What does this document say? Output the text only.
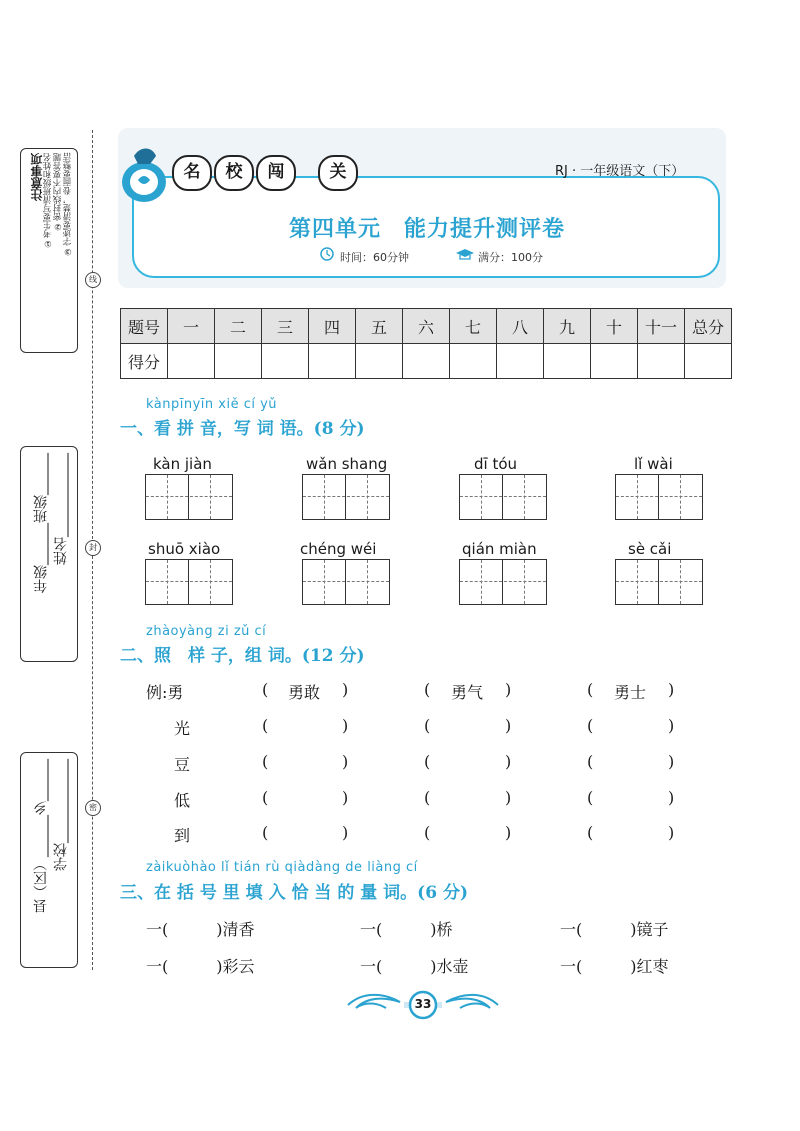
注意事项 ①考生要写清班级和姓名 ②密封线内不要答题 ③字迹要清楚，卷面要整洁
年级______班级______ 姓名____________
县（区）______乡______ 学校____________
线
封
密
名	校	闯	关	RJ · 一年级语文（下）
第四单元　能力提升测评卷
时间：60分钟	满分：100分
题号	一	二	三	四	五	六	七	八	九	十	十一	总分
得分												
kànpīnyīn xiě cí yǔ
一、看 拼 音，写 词 语。(8 分)
kàn jiàn	wǎn shang	dī tóu	lǐ wài
shuō xiào	chéng wéi	qián miàn	sè cǎi
zhàoyàng zi zǔ cí
二、照　样 子，组 词。(12 分)
例:勇	( 勇敢 )	( 勇气 )	( 勇士 )
光	(	)	(	)	(	)
豆	(	)	(	)	(	)
低	(	)	(	)	(	)
到	(	)	(	)	(	)
zàikuòhào lǐ tián rù qiàdàng de liàng cí
三、在 括 号 里 填 入 恰 当 的 量 词。(6 分)
一(　　　)清香	一(　　　)桥	一(　　　)镜子
一(　　　)彩云	一(　　　)水壶	一(　　　)红枣
33
